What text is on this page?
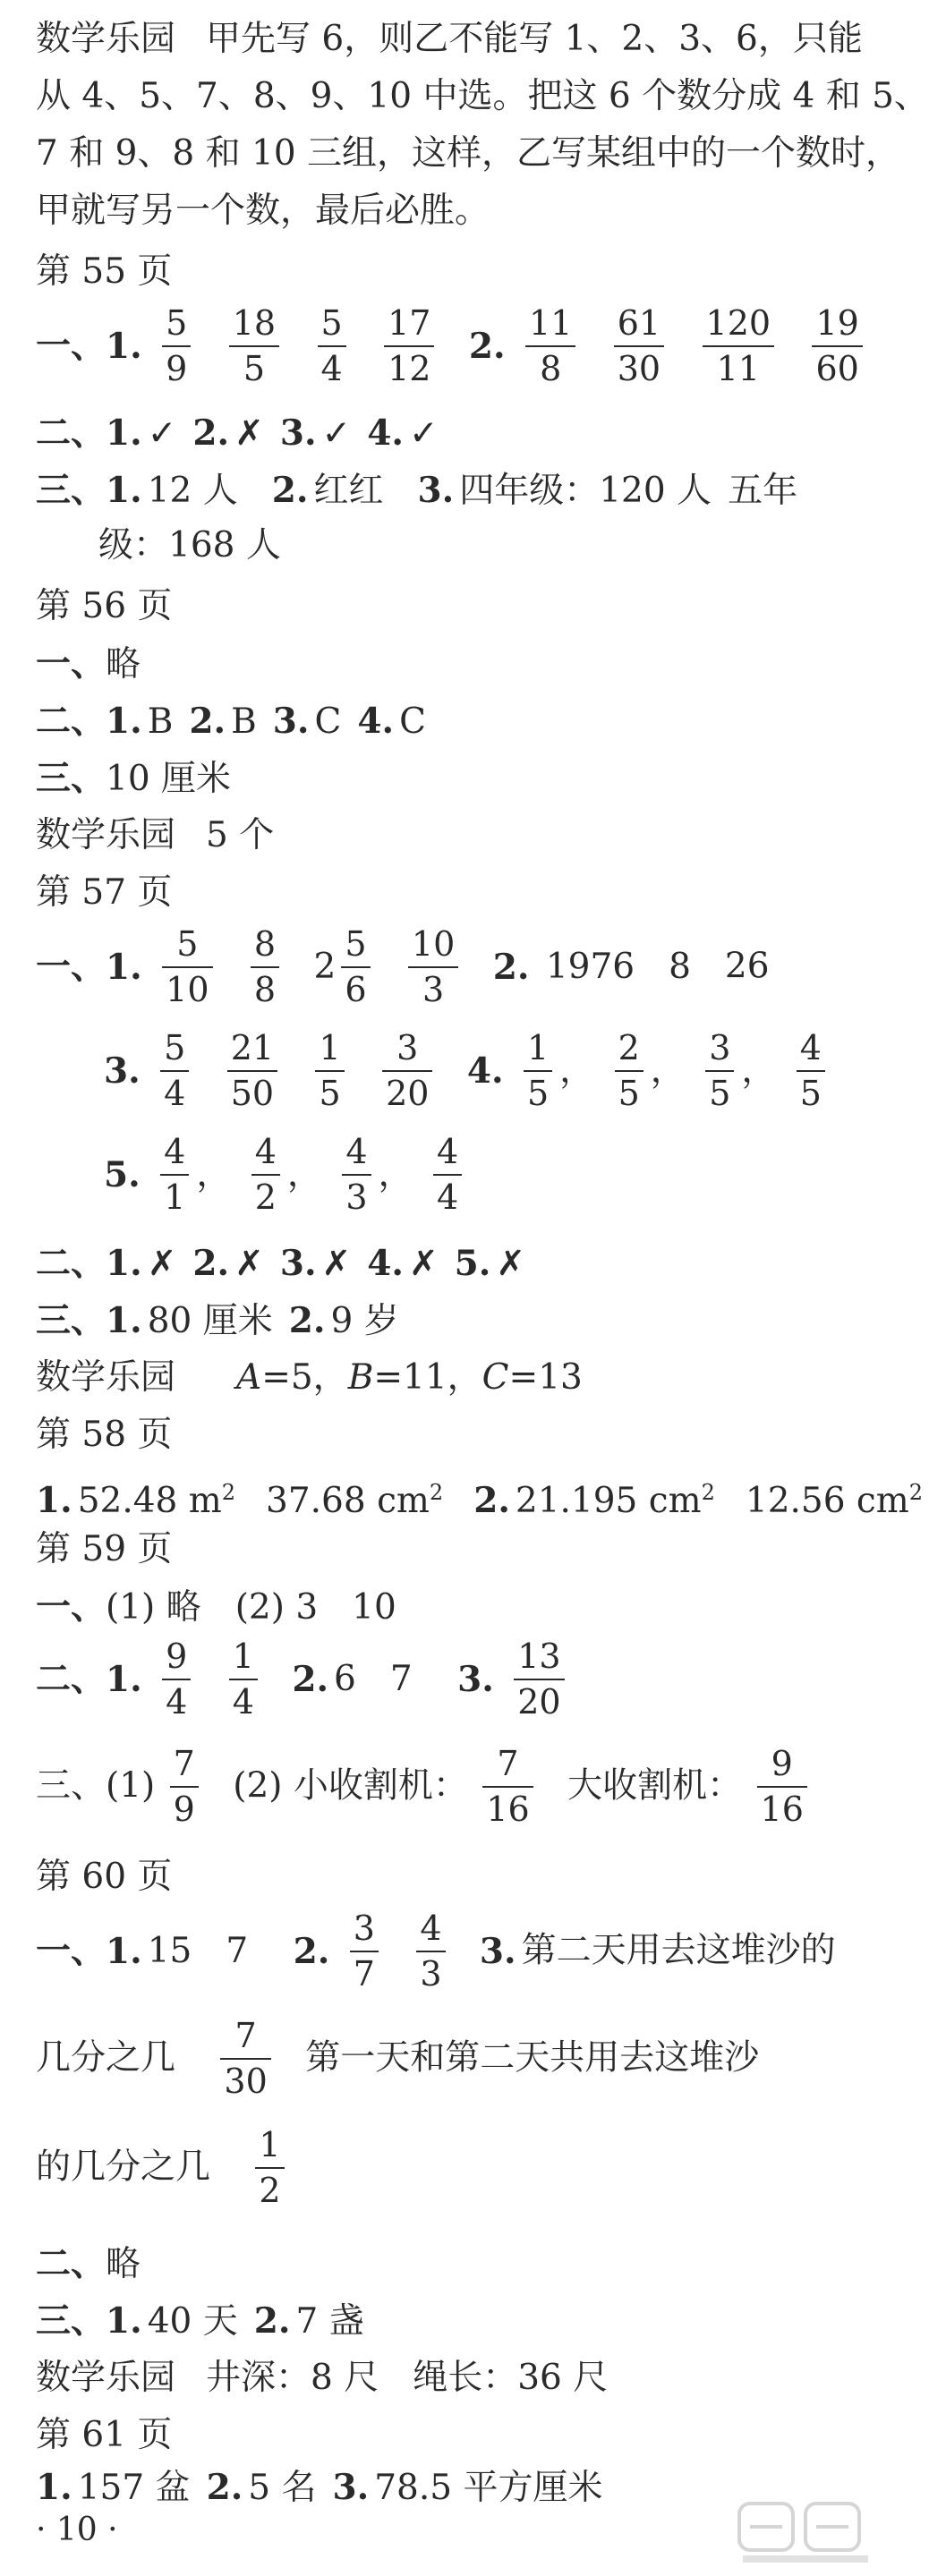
数学乐园 甲先写 6，则乙不能写 1、2、3、6，只能
从 4、5、7、8、9、10 中选。把这 6 个数分成 4 和 5、
7 和 9、8 和 10 三组，这样，乙写某组中的一个数时，
甲就写另一个数，最后必胜。
第 55 页
一、1. $\frac{5}{9}$
$\frac{18}{5}$
$\frac{5}{4}$
$\frac{17}{12} 2$. $\frac{11}{8}$
$\frac{61}{30}$
$\frac{120}{11}$
$\frac{19}{60}$
二、1. ✓ 2. ✗ 3. ✓ 4. ✓
三、1. 12 人 2. 红红 3. 四年级：120 人 五年
级：168 人
第 56 页
一、略
二、1. B 2. B 3. C 4. C
三、10 厘米
数学乐园 5 个
第 57 页
一、1. $\frac{5}{10}$
$\frac{8}{8}$
$2 \frac{5}{6}$
$\frac{10}{3} 2$. 1976 8 26
3. $\frac{5}{4}$
$\frac{21}{50}$
$\frac{1}{5}$
$\frac{3}{20} 4$. $\frac{1}{5}$ ， $\frac{2}{5}$ ， $\frac{3}{5}$ ， $\frac{4}{5}$
5. $\frac{4}{1}$ ， $\frac{4}{2}$ ， $\frac{4}{3}$ ， $\frac{4}{4}$
二、1. ✗ 2. ✗ 3. ✗ 4. ✗ 5. ✗
三、1. 80 厘米 2. 9 岁
数学乐园 A=5，B=11，C=13
第 58 页
1. 52.48 $m^2$ 37.68 $cm^2$ 2. 21.195 $cm^2$ 12.56 $cm^2$
第 59 页
一、(1) 略 (2) 3 10
二、1. $\frac{9}{4}$
$\frac{1}{4} 2$. 6 7 3. $\frac{13}{20}$
三、$(1) \frac{7}{9} (2)$ 小收割机： $\frac{7}{16}$ 大收割机： $\frac{9}{16}$
第 60 页
一、1. 15 7 2. $\frac{3}{7}$
$\frac{4}{3} 3$. 第二天用去这堆沙的
几分之几 $\frac{7}{30}$ 第一天和第二天共用去这堆沙
的几分之几 $\frac{1}{2}$
二、略
三、1. 40 天 2. 7 盏
数学乐园 井深：8 尺 绳长：36 尺
第 61 页
1. 157 盆 2. 5 名 3. 78.5 平方厘米
· 10 ·
